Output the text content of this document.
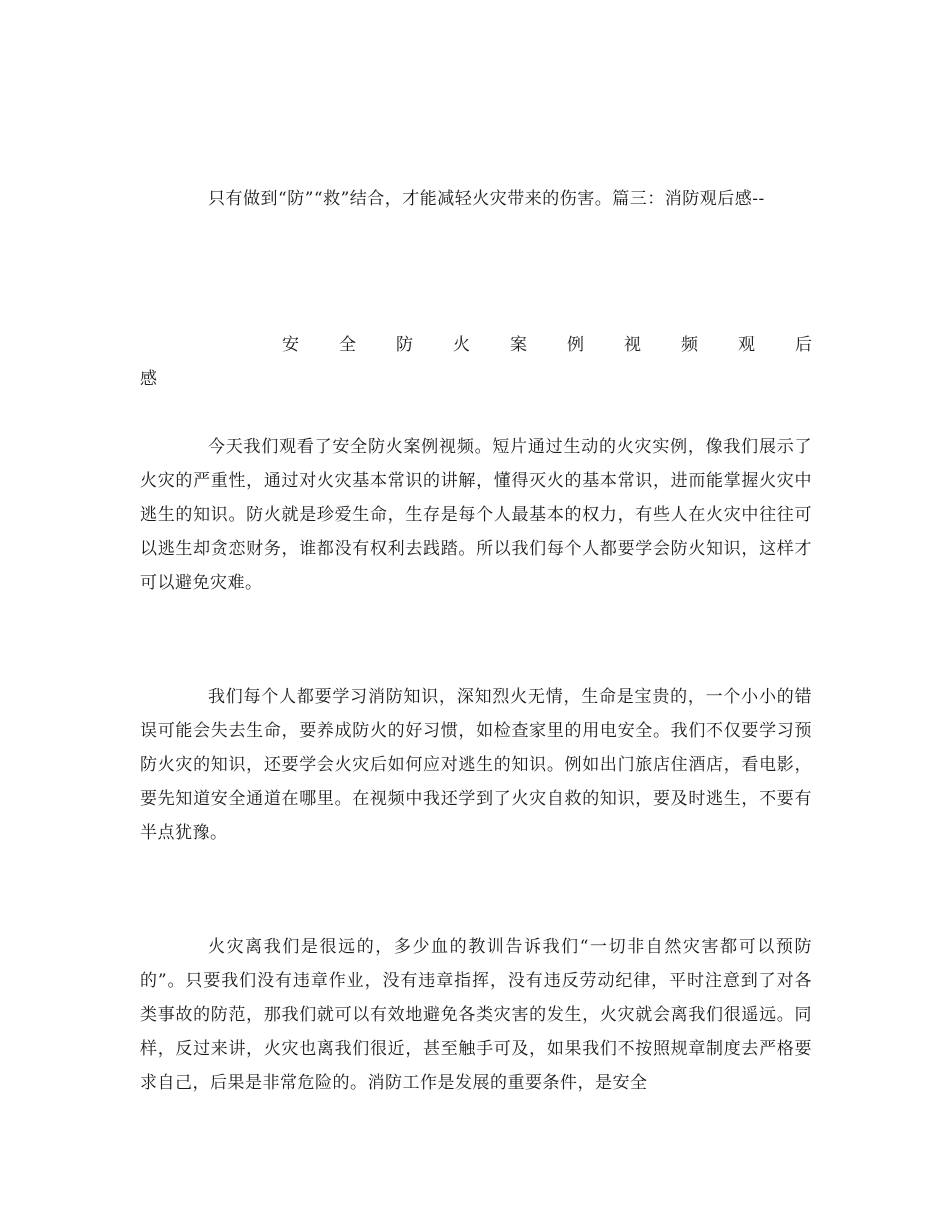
只有做到“防”“救”结合，才能减轻火灾带来的伤害。篇三：消防观后感--

安 全 防 火 案 例 视 频 观 后
感

今天我们观看了安全防火案例视频。短片通过生动的火灾实例，像我们展示了火灾的严重性，通过对火灾基本常识的讲解，懂得灭火的基本常识，进而能掌握火灾中逃生的知识。防火就是珍爱生命，生存是每个人最基本的权力，有些人在火灾中往往可以逃生却贪恋财务，谁都没有权利去践踏。所以我们每个人都要学会防火知识，这样才可以避免灾难。

我们每个人都要学习消防知识，深知烈火无情，生命是宝贵的，一个小小的错误可能会失去生命，要养成防火的好习惯，如检查家里的用电安全。我们不仅要学习预防火灾的知识，还要学会火灾后如何应对逃生的知识。例如出门旅店住酒店，看电影，要先知道安全通道在哪里。在视频中我还学到了火灾自救的知识，要及时逃生，不要有半点犹豫。

火灾离我们是很远的，多少血的教训告诉我们“一切非自然灾害都可以预防的”。只要我们没有违章作业，没有违章指挥，没有违反劳动纪律，平时注意到了对各类事故的防范，那我们就可以有效地避免各类灾害的发生，火灾就会离我们很遥远。同样，反过来讲，火灾也离我们很近，甚至触手可及，如果我们不按照规章制度去严格要求自己，后果是非常危险的。消防工作是发展的重要条件，是安全
